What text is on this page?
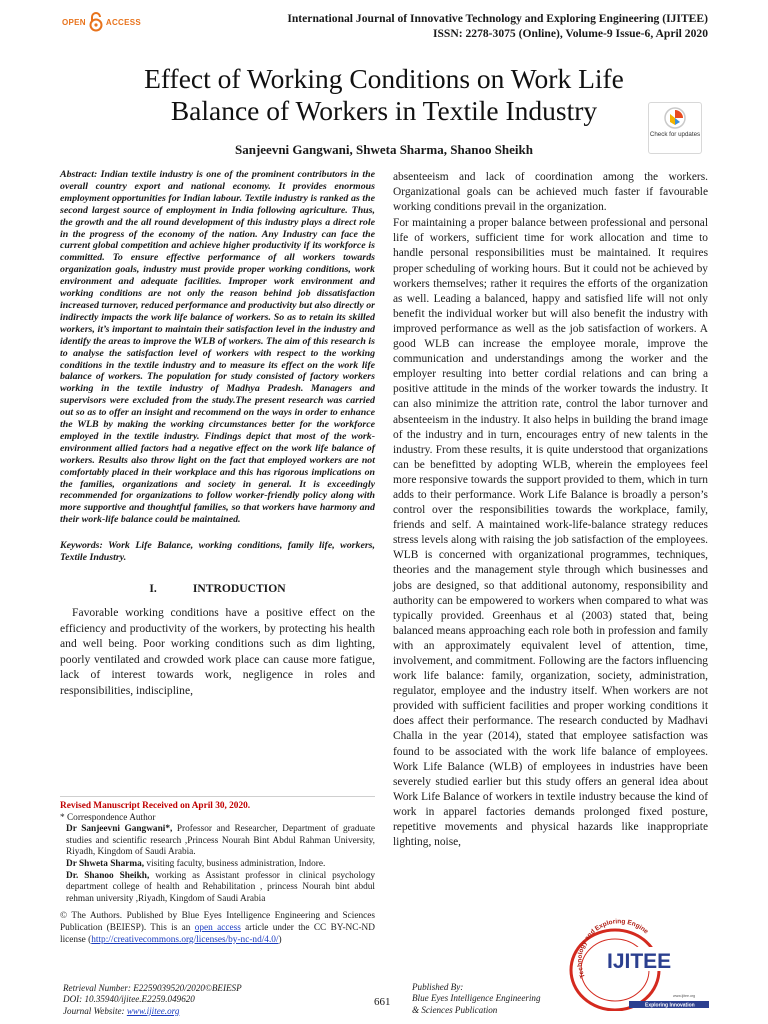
OPEN	ACCESS	International Journal of Innovative Technology and Exploring Engineering (IJITEE)
ISSN: 2278-3075 (Online), Volume-9 Issue-6, April 2020
Effect of Working Conditions on Work Life
Balance of Workers in Textile Industry
Check for updates
Sanjeevni Gangwani, Shweta Sharma, Shanoo Sheikh

Abstract: Indian textile industry is one of the prominent contributors in the overall country export and national economy. It provides enormous employment opportunities for Indian labour. Textile industry is ranked as the second largest source of employment in India following agriculture. Thus, the growth and the all round development of this industry plays a direct role in the progress of the economy of the nation. Any Industry can face the current global competition and achieve higher productivity if its workforce is committed. To ensure effective performance of all workers towards organization goals, industry must provide proper working conditions, work environment and adequate facilities. Improper work environment and working conditions are not only the reason behind job dissatisfaction increased turnover, reduced performance and productivity but also directly or indirectly impacts the work life balance of workers. So as to retain its skilled workers, it’s important to maintain their satisfaction level in the industry and identify the areas to improve the WLB of workers. The aim of this research is to analyse the satisfaction level of workers with respect to the working conditions in the textile industry and to measure its effect on the work life balance of workers. The population for study consisted of factory workers working in the textile industry of Madhya Pradesh. Managers and supervisors were excluded from the study.The present research was carried out so as to offer an insight and recommend on the ways in order to enhance the WLB by making the working circumstances better for the workforce employed in the textile industry. Findings depict that most of the work-environment allied factors had a negative effect on the work life balance of workers. Results also throw light on the fact that employed workers are not comfortably placed in their workplace and this has rigorous implications on the families, organizations and society in general. It is exceedingly recommended for organizations to follow worker-friendly policy along with more supportive and thoughtful families, so that workers have harmony and their work-life balance could be maintained.

Keywords: Work Life Balance, working conditions, family life, workers, Textile Industry.

I.	INTRODUCTION

Favorable working conditions have a positive effect on the efficiency and productivity of the workers, by protecting his health and well being. Poor working conditions such as dim lighting, poorly ventilated and crowded work place can cause more fatigue, lack of interest towards work, negligence in roles and responsibilities, indiscipline,

Revised Manuscript Received on April 30, 2020.

* Correspondence Author

Dr Sanjeevni Gangwani*, Professor and Researcher, Department of graduate studies and scientific research ,Princess Nourah Bint Abdul Rahman University, Riyadh, Kingdom of Saudi Arabia.

Dr Shweta Sharma, visiting faculty, business administration, Indore.

Dr. Shanoo Sheikh, working as Assistant professor in clinical psychology department college of health and Rehabilitation , princess Nourah bint abdul rehman university ,Riyadh, Kingdom of Saudi Arabia

© The Authors. Published by Blue Eyes Intelligence Engineering and Sciences Publication (BEIESP). This is an open access article under the CC BY-NC-ND license (http://creativecommons.org/licenses/by-nc-nd/4.0/)

absenteeism and lack of coordination among the workers. Organizational goals can be achieved much faster if favourable working conditions prevail in the organization.

For maintaining a proper balance between professional and personal life of workers, sufficient time for work allocation and time to handle personal responsibilities must be maintained. It requires proper scheduling of working hours. But it could not be achieved by workers themselves; rather it requires the efforts of the organization as well. Leading a balanced, happy and satisfied life will not only benefit the individual worker but will also benefit the industry with improved performance as well as the job satisfaction of workers. A good WLB can increase the employee morale, improve the communication and understandings among the worker and the employer resulting into better cordial relations and can bring a positive attitude in the minds of the worker towards the industry. It can also minimize the attrition rate, control the labor turnover and absenteeism in the industry. It also helps in building the brand image of the industry and in turn, encourages entry of new talents in the industry. From these results, it is quite understood that organizations can be benefitted by adopting WLB, wherein the employees feel more responsive towards the support provided to them, which in turn adds to their performance. Work Life Balance is broadly a person’s control over the responsibilities towards the workplace, family, friends and self. A maintained work-life-balance strategy reduces stress levels along with raising the job satisfaction of the employees. WLB is concerned with organizational programmes, techniques, theories and the management style through which businesses and jobs are designed, so that additional autonomy, responsibility and authority can be empowered to workers when compared to what was typically provided. Greenhaus et al (2003) stated that, being balanced means approaching each role both in profession and family with an approximately equivalent level of attention, time, involvement, and commitment. Following are the factors influencing work life balance: family, organization, society, administration, regulator, employee and the industry itself. When workers are not provided with sufficient facilities and proper working conditions it does affect their performance. The research conducted by Madhavi Challa in the year (2014), stated that employee satisfaction was found to be associated with the work life balance of employees. Work Life Balance (WLB) of employees in industries have been severely studied earlier but this study offers an general idea about Work Life Balance of workers in textile industry because the kind of work in apparel factories demands prolonged fixed posture, repetitive movements and physical hazards like inappropriate lighting, noise,

Retrieval Number: E2259039520/2020©BEIESP
DOI: 10.35940/ijitee.E2259.049620
Journal Website: www.ijitee.org
661
Published By:
Blue Eyes Intelligence Engineering
& Sciences Publication
Technology and Exploring Engine
IJITEE
www.ijitee.org
Exploring Innovation
